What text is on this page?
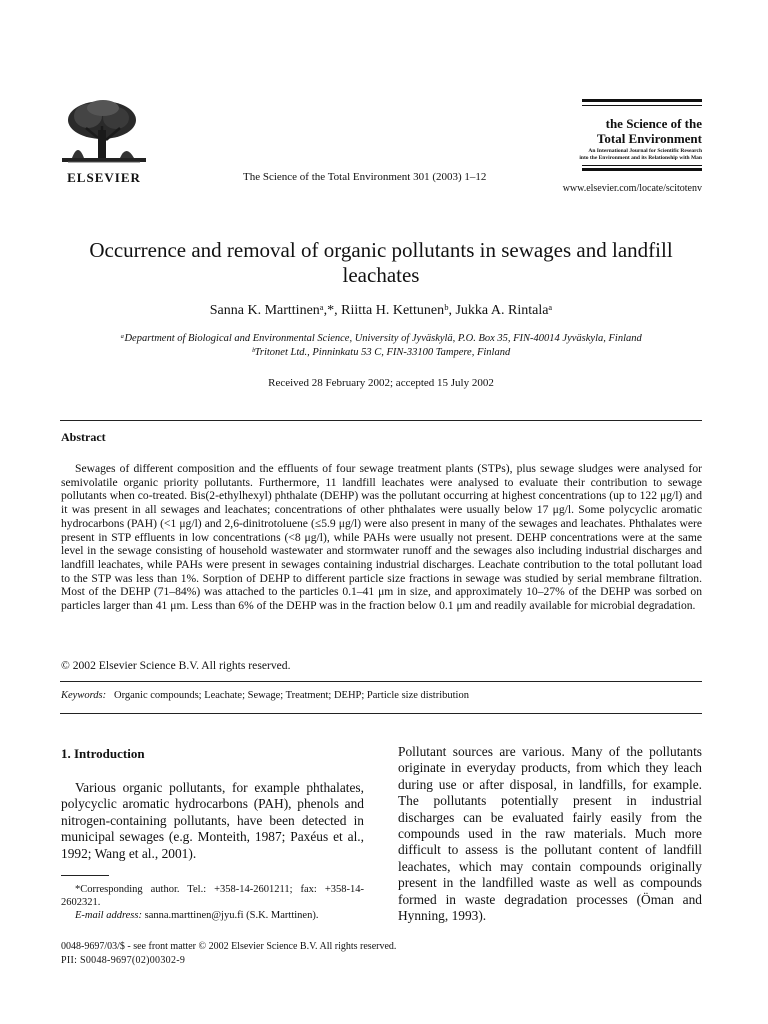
ELSEVIER	The Science of the Total Environment 301 (2003) 1–12
the Science of the
Total Environment
An International Journal for Scientific Research
into the Environment and its Relationship with Man
www.elsevier.com/locate/scitotenv
Occurrence and removal of organic pollutants in sewages and landfill leachates
Sanna K. Marttinenᵃ,*, Riitta H. Kettunenᵇ, Jukka A. Rintalaᵃ
ᵃDepartment of Biological and Environmental Science, University of Jyväskylä, P.O. Box 35, FIN-40014 Jyväskyla, Finland
ᵇTritonet Ltd., Pinninkatu 53 C, FIN-33100 Tampere, Finland
Received 28 February 2002; accepted 15 July 2002
Abstract
Sewages of different composition and the effluents of four sewage treatment plants (STPs), plus sewage sludges were analysed for semivolatile organic priority pollutants. Furthermore, 11 landfill leachates were analysed to evaluate their contribution to sewage pollutants when co-treated. Bis(2-ethylhexyl) phthalate (DEHP) was the pollutant occurring at highest concentrations (up to 122 μg/l) and it was present in all sewages and leachates; concentrations of other phthalates were usually below 17 μg/l. Some polycyclic aromatic hydrocarbons (PAH) (<1 μg/l) and 2,6-dinitrotoluene (≤5.9 μg/l) were also present in many of the sewages and leachates. Phthalates were present in STP effluents in low concentrations (<8 μg/l), while PAHs were usually not present. DEHP concentrations were at the same level in the sewage consisting of household wastewater and stormwater runoff and the sewages also including industrial discharges and landfill leachates, while PAHs were present in sewages containing industrial discharges. Leachate contribution to the total pollutant load to the STP was less than 1%. Sorption of DEHP to different particle size fractions in sewage was studied by serial membrane filtration. Most of the DEHP (71–84%) was attached to the particles 0.1–41 μm in size, and approximately 10–27% of the DEHP was sorbed on particles larger than 41 μm. Less than 6% of the DEHP was in the fraction below 0.1 μm and readily available for microbial degradation.
© 2002 Elsevier Science B.V. All rights reserved.
Keywords: Organic compounds; Leachate; Sewage; Treatment; DEHP; Particle size distribution
1. Introduction
Various organic pollutants, for example phthalates, polycyclic aromatic hydrocarbons (PAH), phenols and nitrogen-containing pollutants, have been detected in municipal sewages (e.g. Monteith, 1987; Paxéus et al., 1992; Wang et al., 2001).
*Corresponding author. Tel.: +358-14-2601211; fax: +358-14-2602321.
E-mail address: sanna.marttinen@jyu.fi (S.K. Marttinen).
Pollutant sources are various. Many of the pollutants originate in everyday products, from which they leach during use or after disposal, in landfills, for example. The pollutants potentially present in industrial discharges can be evaluated fairly easily from the compounds used in the raw materials. Much more difficult to assess is the pollutant content of landfill leachates, which may contain compounds originally present in the landfilled waste as well as compounds formed in waste degradation processes (Öman and Hynning, 1993).
0048-9697/03/$ - see front matter © 2002 Elsevier Science B.V. All rights reserved.
PII: S0048-9697(02)00302-9
